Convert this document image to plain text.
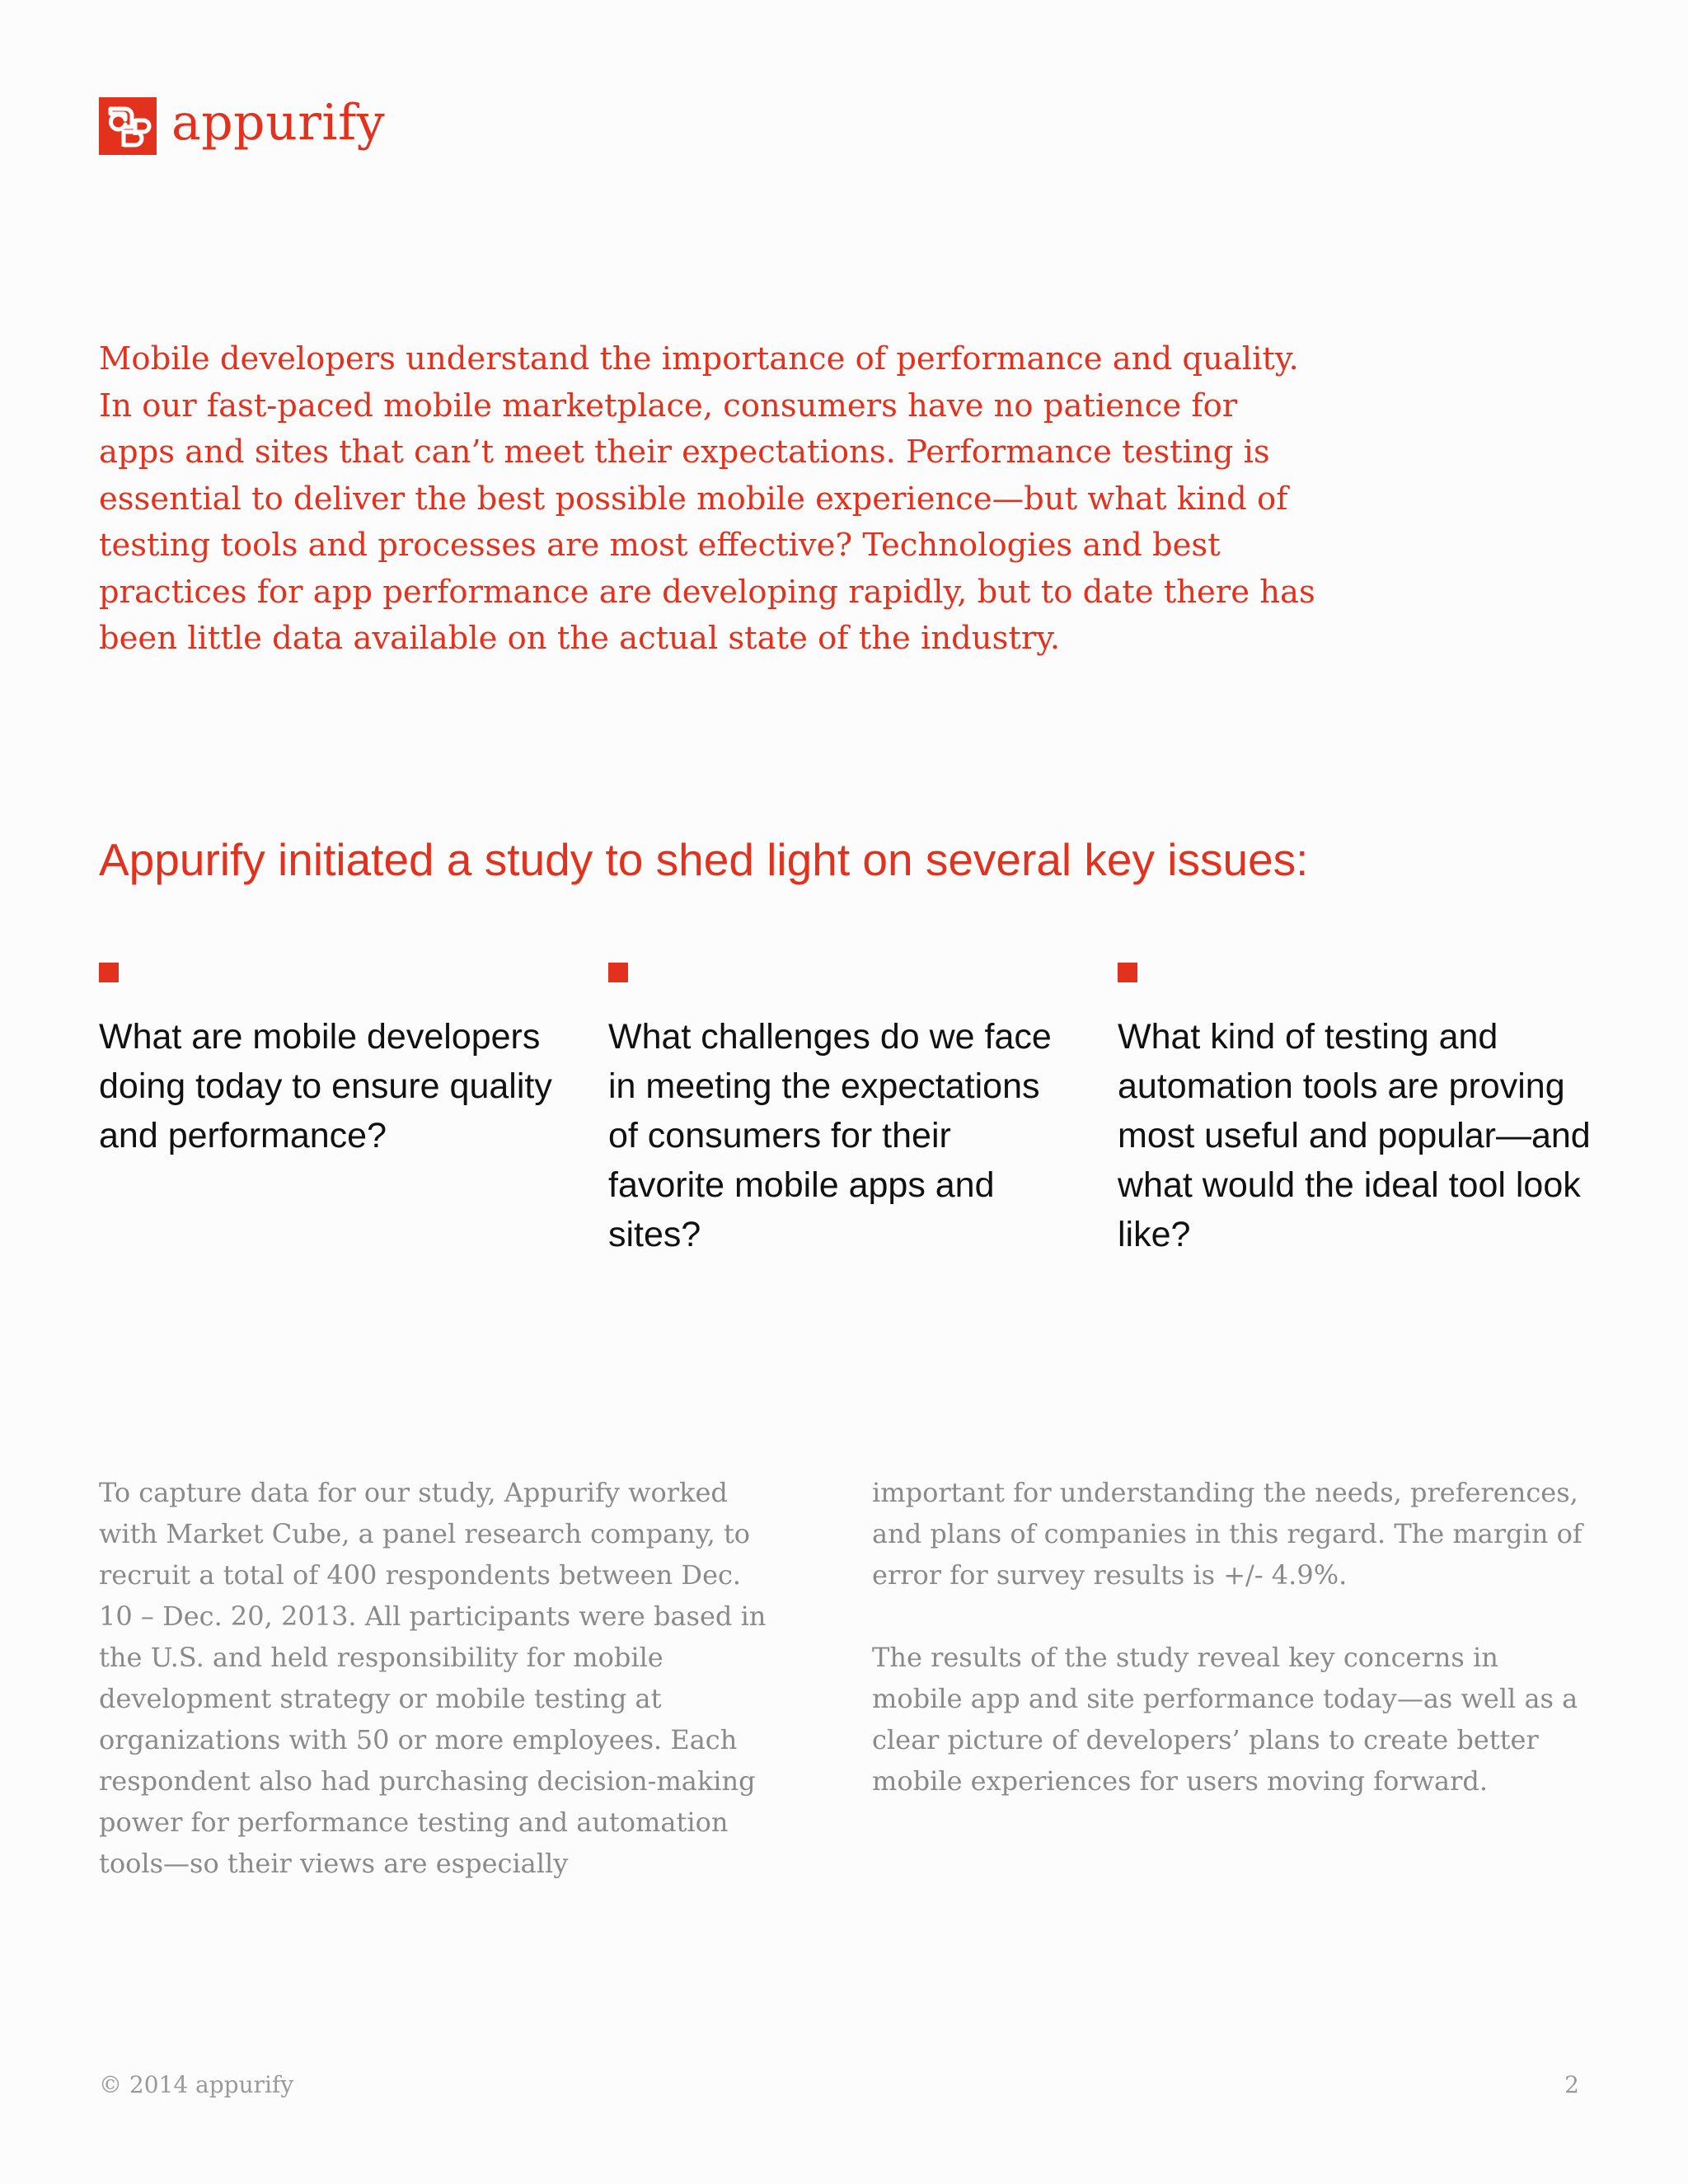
appurify

Mobile developers understand the importance of performance and quality. In our fast-paced mobile marketplace, consumers have no patience for apps and sites that can’t meet their expectations. Performance testing is essential to deliver the best possible mobile experience—but what kind of testing tools and processes are most effective? Technologies and best practices for app performance are developing rapidly, but to date there has been little data available on the actual state of the industry.

Appurify initiated a study to shed light on several key issues:

What are mobile developers doing today to ensure quality and performance?

What challenges do we face in meeting the expectations of consumers for their favorite mobile apps and sites?

What kind of testing and automation tools are proving most useful and popular—and what would the ideal tool look like?

To capture data for our study, Appurify worked with Market Cube, a panel research company, to recruit a total of 400 respondents between Dec. 10 – Dec. 20, 2013. All participants were based in the U.S. and held responsibility for mobile development strategy or mobile testing at organizations with 50 or more employees. Each respondent also had purchasing decision-making power for performance testing and automation tools—so their views are especially

important for understanding the needs, preferences, and plans of companies in this regard. The margin of error for survey results is +/- 4.9%.

The results of the study reveal key concerns in mobile app and site performance today—as well as a clear picture of developers’ plans to create better mobile experiences for users moving forward.

© 2014 appurify	2
